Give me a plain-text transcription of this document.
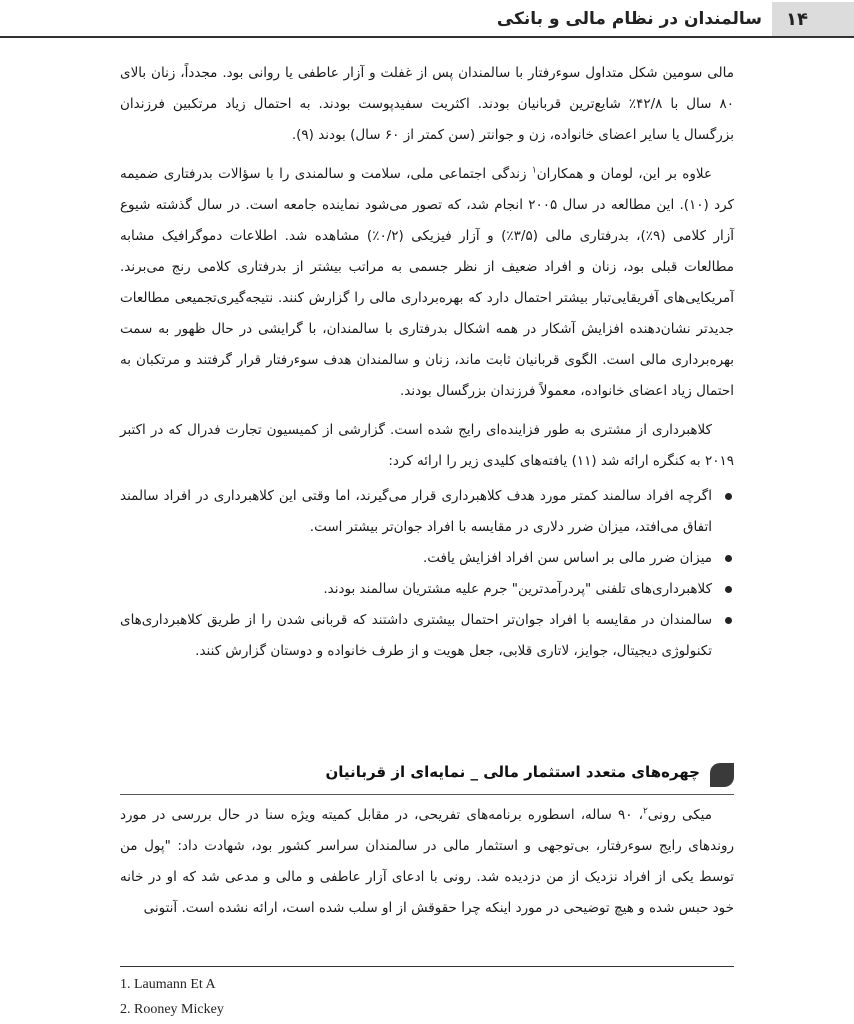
۱۴
سالمندان در نظام مالی و بانکی

مالی سومین شکل متداول سوءرفتار با سالمندان پس از غفلت و آزار عاطفی یا روانی بود. مجدداً، زنان بالای ۸۰ سال با ۴۲/۸٪ شایع‌ترین قربانیان بودند. اکثریت سفیدپوست بودند. به احتمال زیاد مرتکبین فرزندان بزرگسال یا سایر اعضای خانواده، زن و جوانتر (سن کمتر از ۶۰ سال) بودند (۹).

علاوه بر این، لومان و همکاران$^۱$ زندگی اجتماعی ملی، سلامت و سالمندی را با سؤالات بدرفتاری ضمیمه کرد (۱۰). این مطالعه در سال ۲۰۰۵ انجام شد، که تصور می‌شود نماینده جامعه است. در سال گذشته شیوع آزار کلامی (۹٪)، بدرفتاری مالی (۳/۵٪) و آزار فیزیکی (۰/۲٪) مشاهده شد. اطلاعات دموگرافیک مشابه مطالعات قبلی بود، زنان و افراد ضعیف از نظر جسمی به مراتب بیشتر از بدرفتاری کلامی رنج می‌برند. آمریکایی‌های آفریقایی‌تبار بیشتر احتمال دارد که بهره‌برداری مالی را گزارش کنند. نتیجه‌گیری‌تجمیعی مطالعات جدیدتر نشان‌دهنده افزایش آشکار در همه اشکال بدرفتاری با سالمندان، با گرایشی در حال ظهور به سمت بهره‌برداری مالی است. الگوی قربانیان ثابت ماند، زنان و سالمندان هدف سوءرفتار قرار گرفتند و مرتکبان به احتمال زیاد اعضای خانواده، معمولاً فرزندان بزرگسال بودند.

کلاهبرداری از مشتری به طور فزاینده‌ای رایج شده است. گزارشی از کمیسیون تجارت فدرال که در اکتبر ۲۰۱۹ به کنگره ارائه شد (۱۱) یافته‌های کلیدی زیر را ارائه کرد:

اگرچه افراد سالمند کمتر مورد هدف کلاهبرداری قرار می‌گیرند، اما وقتی این کلاهبرداری در افراد سالمند اتفاق می‌افتد، میزان ضرر دلاری در مقایسه با افراد جوان‌تر بیشتر است.
میزان ضرر مالی بر اساس سن افراد افزایش یافت.
کلاهبرداری‌های تلفنی "پردرآمدترین" جرم علیه مشتریان سالمند بودند.
سالمندان در مقایسه با افراد جوان‌تر احتمال بیشتری داشتند که قربانی شدن را از طریق کلاهبرداری‌های تکنولوژی دیجیتال، جوایز، لاتاری قلابی، جعل هویت و از طرف خانواده و دوستان گزارش کنند.
چهره‌های متعدد استثمار مالی _ نمایه‌ای از قربانیان

میکی رونی$^۲$، ۹۰ ساله، اسطوره برنامه‌های تفریحی، در مقابل کمیته ویژه سنا در حال بررسی در مورد روندهای رایج سوءرفتار، بی‌توجهی و استثمار مالی در سالمندان سراسر کشور بود، شهادت داد: "پول من توسط یکی از افراد نزدیک از من دزدیده شد. رونی با ادعای آزار عاطفی و مالی و مدعی شد که او در خانه خود حبس شده و هیچ توضیحی در مورد اینکه چرا حقوقش از او سلب شده است، ارائه نشده است. آنتونی

1. Laumann Et A
2. Rooney Mickey
